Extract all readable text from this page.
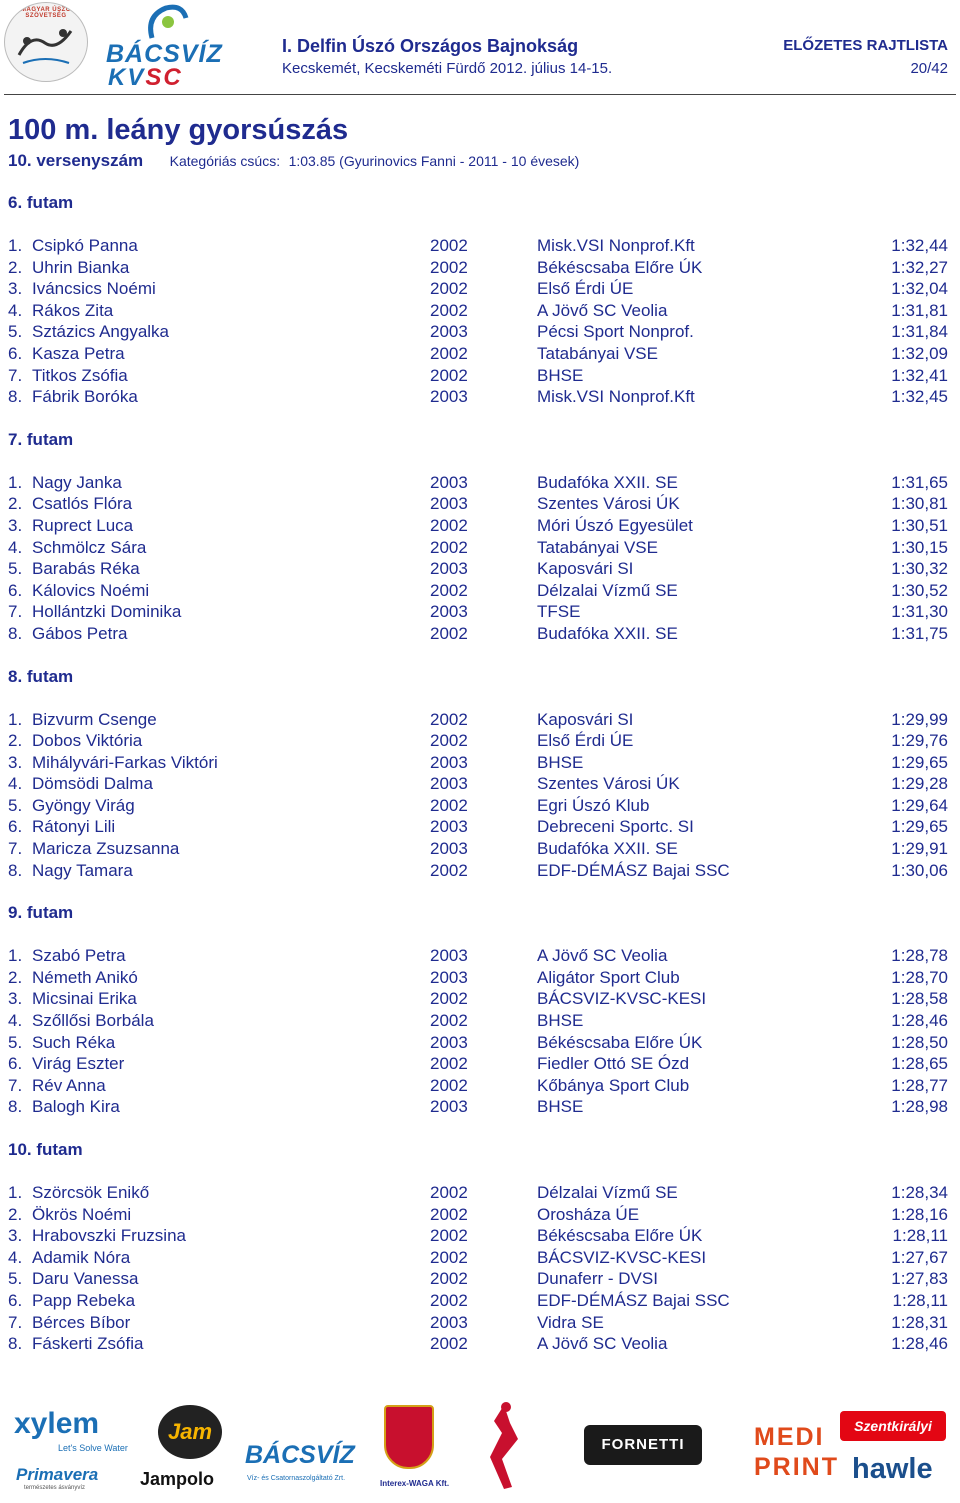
MAGYAR ÚSZÓ SZÖVETSÉG
BÁCSVÍZ
KVSC
I. Delfin Úszó Országos Bajnokság
Kecskemét, Kecskeméti Fürdő 2012. július 14-15.
ELŐZETES RAJTLISTA
20/42
100 m. leány gyorsúszás
10. versenyszám Kategóriás csúcs: 1:03.85 (Gyurinovics Fanni - 2011 - 10 évesek)
6. futam
1. Csipkó Panna	2002	Misk.VSI Nonprof.Kft	1:32,44
2. Uhrin Bianka	2002	Békéscsaba Előre ÚK	1:32,27
3. Iváncsics Noémi	2002	Első Érdi ÚE	1:32,04
4. Rákos Zita	2002	A Jövő SC Veolia	1:31,81
5. Sztázics Angyalka	2003	Pécsi Sport Nonprof.	1:31,84
6. Kasza Petra	2002	Tatabányai VSE	1:32,09
7. Titkos Zsófia	2002	BHSE	1:32,41
8. Fábrik Boróka	2003	Misk.VSI Nonprof.Kft	1:32,45
7. futam
1. Nagy Janka	2003	Budafóka XXII. SE	1:31,65
2. Csatlós Flóra	2003	Szentes Városi ÚK	1:30,81
3. Ruprect Luca	2002	Móri Úszó Egyesület	1:30,51
4. Schmölcz Sára	2002	Tatabányai VSE	1:30,15
5. Barabás Réka	2003	Kaposvári SI	1:30,32
6. Kálovics Noémi	2002	Délzalai Vízmű SE	1:30,52
7. Hollántzki Dominika	2003	TFSE	1:31,30
8. Gábos Petra	2002	Budafóka XXII. SE	1:31,75
8. futam
1. Bizvurm Csenge	2002	Kaposvári SI	1:29,99
2. Dobos Viktória	2002	Első Érdi ÚE	1:29,76
3. Mihályvári-Farkas Viktóri	2003	BHSE	1:29,65
4. Dömsödi Dalma	2003	Szentes Városi ÚK	1:29,28
5. Gyöngy Virág	2002	Egri Úszó Klub	1:29,64
6. Rátonyi Lili	2003	Debreceni Sportc. SI	1:29,65
7. Maricza Zsuzsanna	2003	Budafóka XXII. SE	1:29,91
8. Nagy Tamara	2002	EDF-DÉMÁSZ Bajai SSC	1:30,06
9. futam
1. Szabó Petra	2003	A Jövő SC Veolia	1:28,78
2. Németh Anikó	2003	Aligátor Sport Club	1:28,70
3. Micsinai Erika	2002	BÁCSVIZ-KVSC-KESI	1:28,58
4. Szőllősi Borbála	2002	BHSE	1:28,46
5. Such Réka	2003	Békéscsaba Előre ÚK	1:28,50
6. Virág Eszter	2002	Fiedler Ottó SE Ózd	1:28,65
7. Rév Anna	2002	Kőbánya Sport Club	1:28,77
8. Balogh Kira	2003	BHSE	1:28,98
10. futam
1. Szörcsök Enikő	2002	Délzalai Vízmű SE	1:28,34
2. Ökrös Noémi	2002	Orosháza ÚE	1:28,16
3. Hrabovszki Fruzsina	2002	Békéscsaba Előre ÚK	1:28,11
4. Adamik Nóra	2002	BÁCSVIZ-KVSC-KESI	1:27,67
5. Daru Vanessa	2002	Dunaferr - DVSI	1:27,83
6. Papp Rebeka	2002	EDF-DÉMÁSZ Bajai SSC	1:28,11
7. Bérces Bíbor	2003	Vidra SE	1:28,31
8. Fáskerti Zsófia	2002	A Jövő SC Veolia	1:28,46
xylem
Let's Solve Water
Primavera
természetes ásványvíz
Jam
Jampolo
BÁCSVÍZ
Víz- és Csatornaszolgáltató Zrt.
Interex-WAGA Kft.
FORNETTI	MEDI
PRINT
Szentkirályi
hawle
